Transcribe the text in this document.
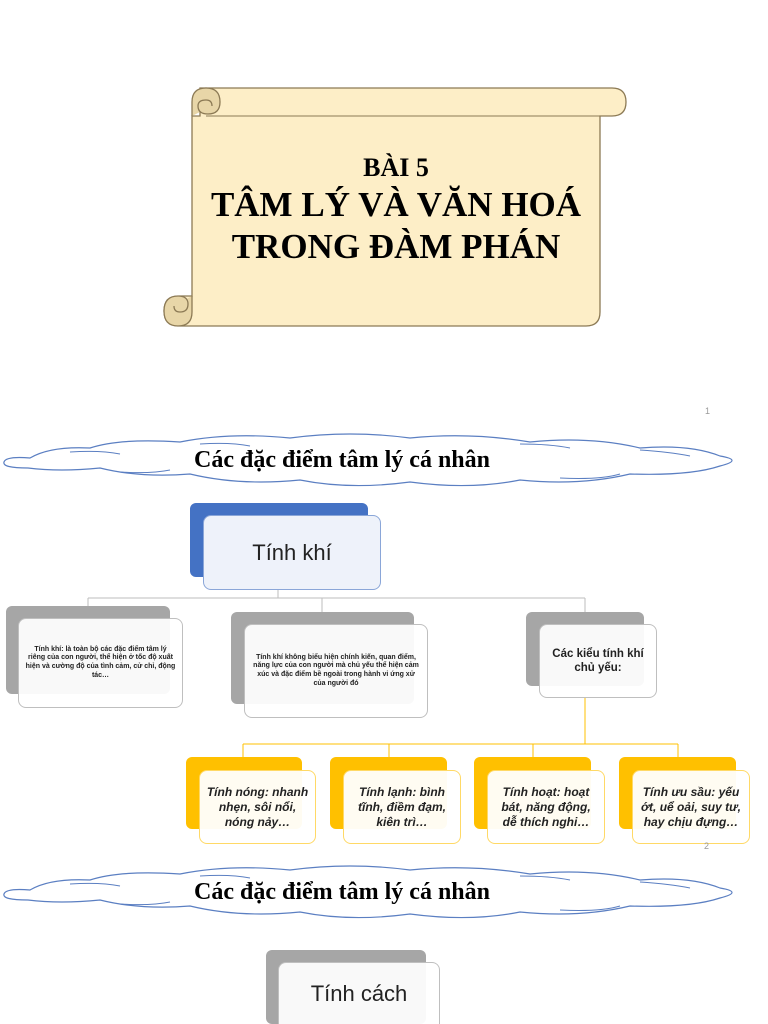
BÀI 5
TÂM LÝ VÀ VĂN HOÁ
TRONG ĐÀM PHÁN
1
Các đặc điểm tâm lý cá nhân
Tính khí
Tính khí: là toàn bộ các đặc điểm tâm lý riêng của con người, thể hiện ở tốc độ xuất hiện và cường độ của tình cảm, cử chỉ, động tác…
Tính khí không biểu hiện chính kiến, quan điểm, năng lực của con người mà chủ yếu thể hiện cảm xúc và đặc điểm bề ngoài trong hành vi ứng xử của người đó
Các kiểu tính khí chủ yếu:
Tính nóng: nhanh nhẹn, sôi nổi, nóng nảy…
Tính lạnh: bình tĩnh, điềm đạm, kiên trì…
Tính hoạt: hoạt bát, năng động, dễ thích nghi…
Tính ưu sầu: yếu ớt, uể oải, suy tư, hay chịu đựng…
2
Các đặc điểm tâm lý cá nhân
Tính cách
